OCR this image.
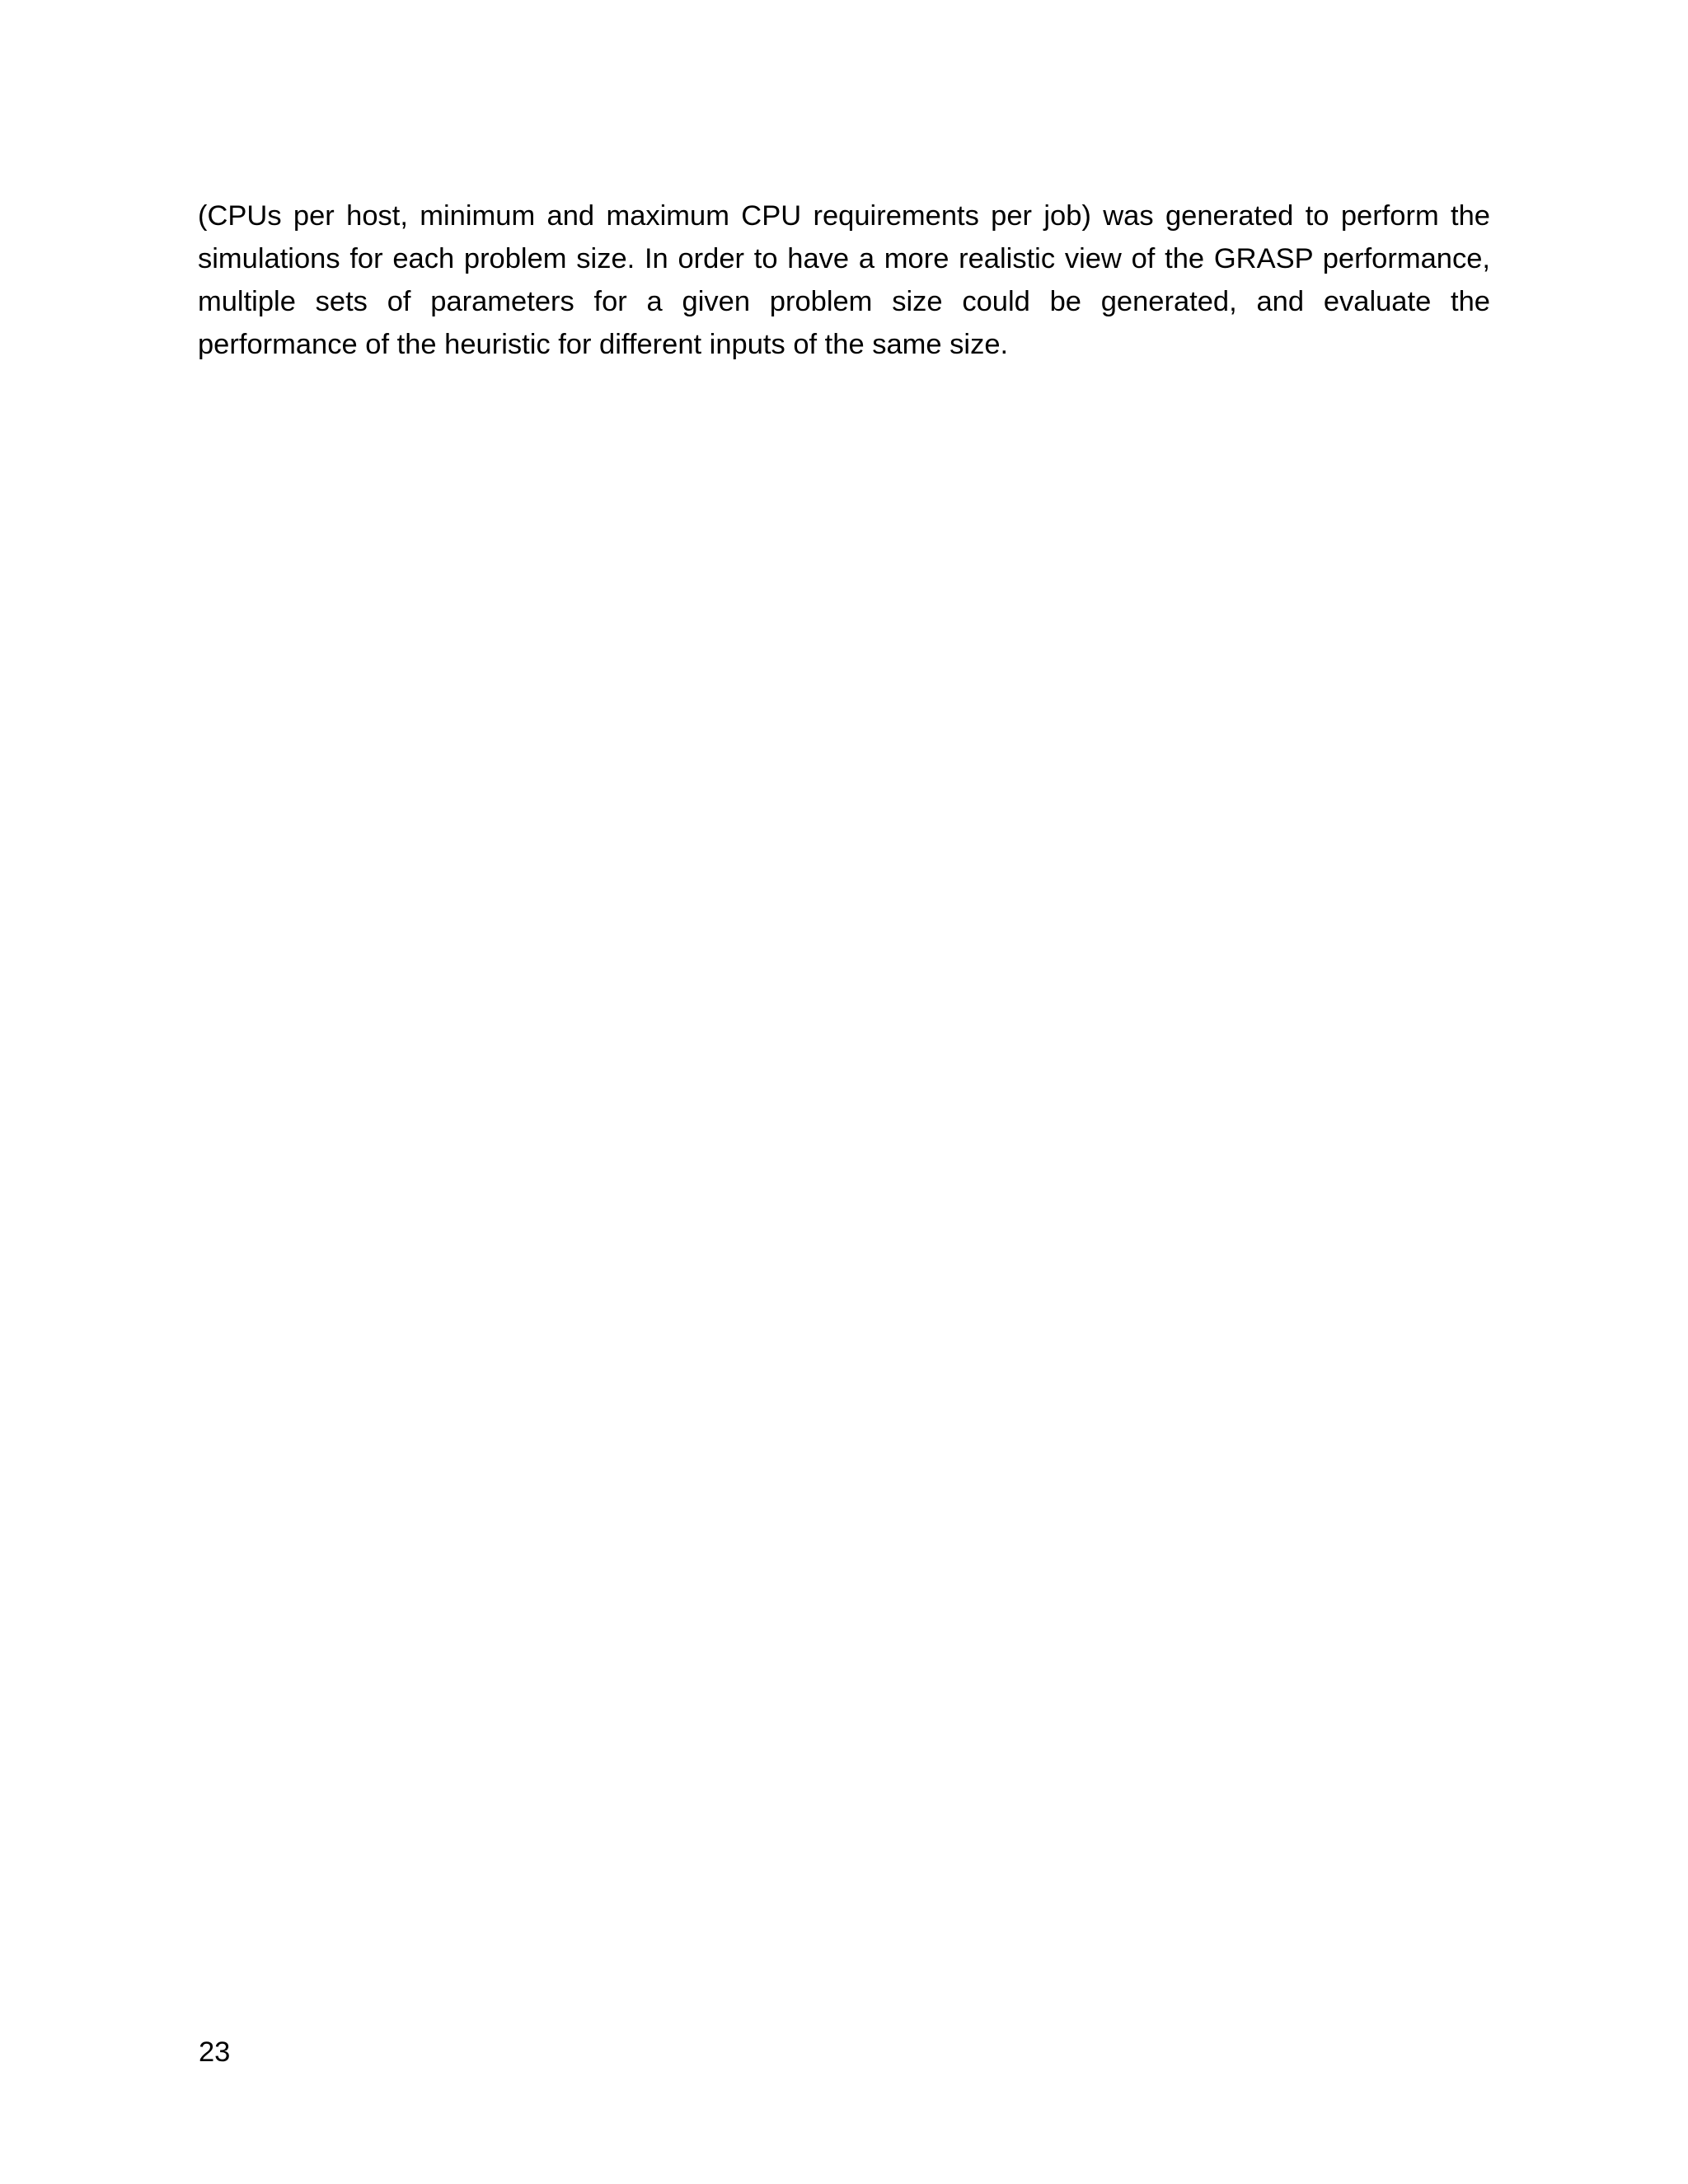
(CPUs per host, minimum and maximum CPU requirements per job) was generated to perform the simulations for each problem size. In order to have a more realistic view of the GRASP performance, multiple sets of parameters for a given problem size could be generated, and evaluate the performance of the heuristic for different inputs of the same size.

23
